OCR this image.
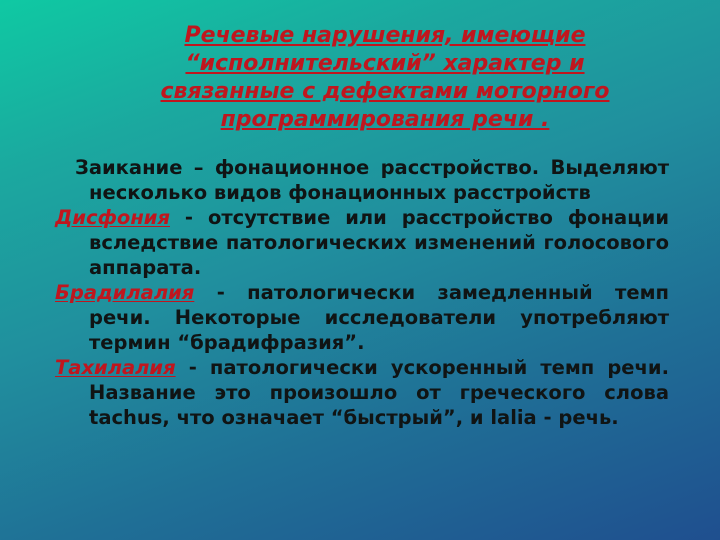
Речевые нарушения, имеющие
“исполнительский” характер и
связанные с дефектами моторного
программирования речи .

Заикание – фонационное расстройство. Выделяют несколько видов фонационных расстройств

Дисфония - отсутствие или расстройство фонации вследствие патологических изменений голосового аппарата.

Брадилалия - патологически замедленный темп речи. Некоторые исследователи употребляют термин “брадифразия”.

Тахилалия - патологически ускоренный темп речи. Название это произошло от греческого слова tachus, что означает “быстрый”, и lalia - речь.
